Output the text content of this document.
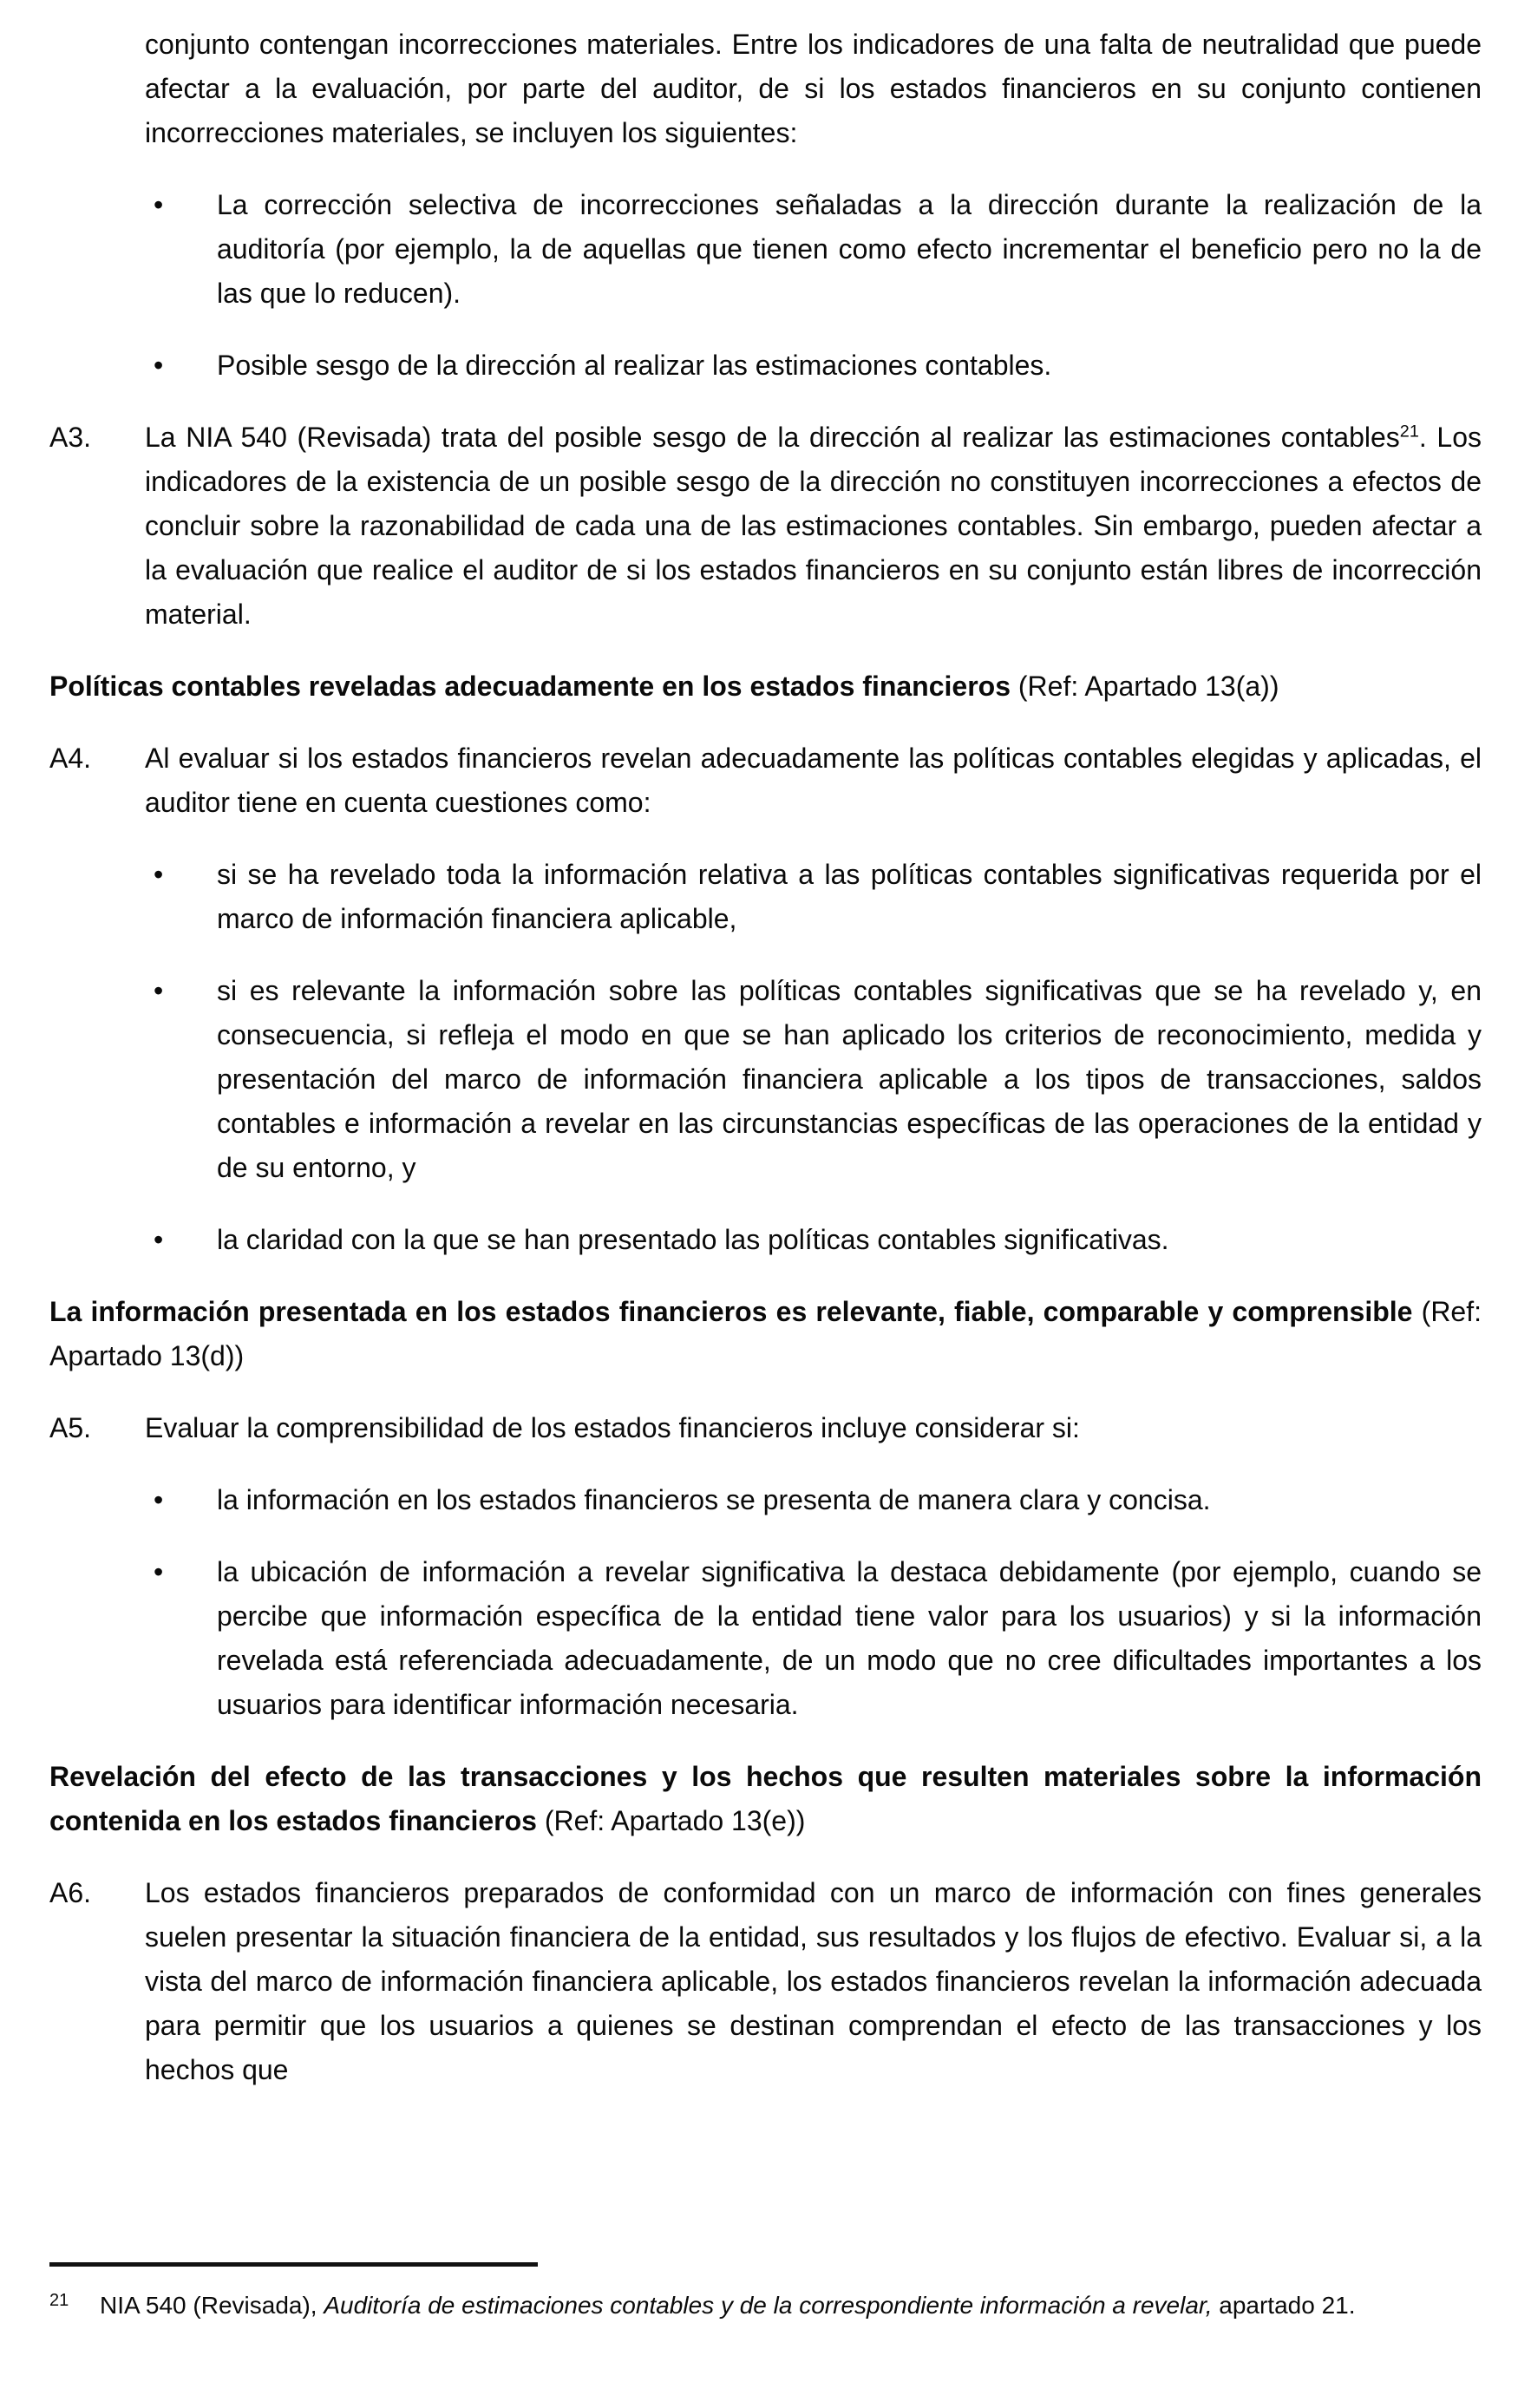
conjunto contengan incorrecciones materiales. Entre los indicadores de una falta de neutralidad que puede afectar a la evaluación, por parte del auditor, de si los estados financieros en su conjunto contienen incorrecciones materiales, se incluyen los siguientes:
• La corrección selectiva de incorrecciones señaladas a la dirección durante la realización de la auditoría (por ejemplo, la de aquellas que tienen como efecto incrementar el beneficio pero no la de las que lo reducen).
• Posible sesgo de la dirección al realizar las estimaciones contables.
A3. La NIA 540 (Revisada) trata del posible sesgo de la dirección al realizar las estimaciones contables$^{21}$. Los indicadores de la existencia de un posible sesgo de la dirección no constituyen incorrecciones a efectos de concluir sobre la razonabilidad de cada una de las estimaciones contables. Sin embargo, pueden afectar a la evaluación que realice el auditor de si los estados financieros en su conjunto están libres de incorrección material.
Políticas contables reveladas adecuadamente en los estados financieros (Ref: Apartado 13(a))
A4. Al evaluar si los estados financieros revelan adecuadamente las políticas contables elegidas y aplicadas, el auditor tiene en cuenta cuestiones como:
• si se ha revelado toda la información relativa a las políticas contables significativas requerida por el marco de información financiera aplicable,
• si es relevante la información sobre las políticas contables significativas que se ha revelado y, en consecuencia, si refleja el modo en que se han aplicado los criterios de reconocimiento, medida y presentación del marco de información financiera aplicable a los tipos de transacciones, saldos contables e información a revelar en las circunstancias específicas de las operaciones de la entidad y de su entorno, y
• la claridad con la que se han presentado las políticas contables significativas.
La información presentada en los estados financieros es relevante, fiable, comparable y comprensible (Ref: Apartado 13(d))
A5. Evaluar la comprensibilidad de los estados financieros incluye considerar si:
• la información en los estados financieros se presenta de manera clara y concisa.
• la ubicación de información a revelar significativa la destaca debidamente (por ejemplo, cuando se percibe que información específica de la entidad tiene valor para los usuarios) y si la información revelada está referenciada adecuadamente, de un modo que no cree dificultades importantes a los usuarios para identificar información necesaria.
Revelación del efecto de las transacciones y los hechos que resulten materiales sobre la información contenida en los estados financieros (Ref: Apartado 13(e))
A6. Los estados financieros preparados de conformidad con un marco de información con fines generales suelen presentar la situación financiera de la entidad, sus resultados y los flujos de efectivo. Evaluar si, a la vista del marco de información financiera aplicable, los estados financieros revelan la información adecuada para permitir que los usuarios a quienes se destinan comprendan el efecto de las transacciones y los hechos que
21 NIA 540 (Revisada), Auditoría de estimaciones contables y de la correspondiente información a revelar, apartado 21.
